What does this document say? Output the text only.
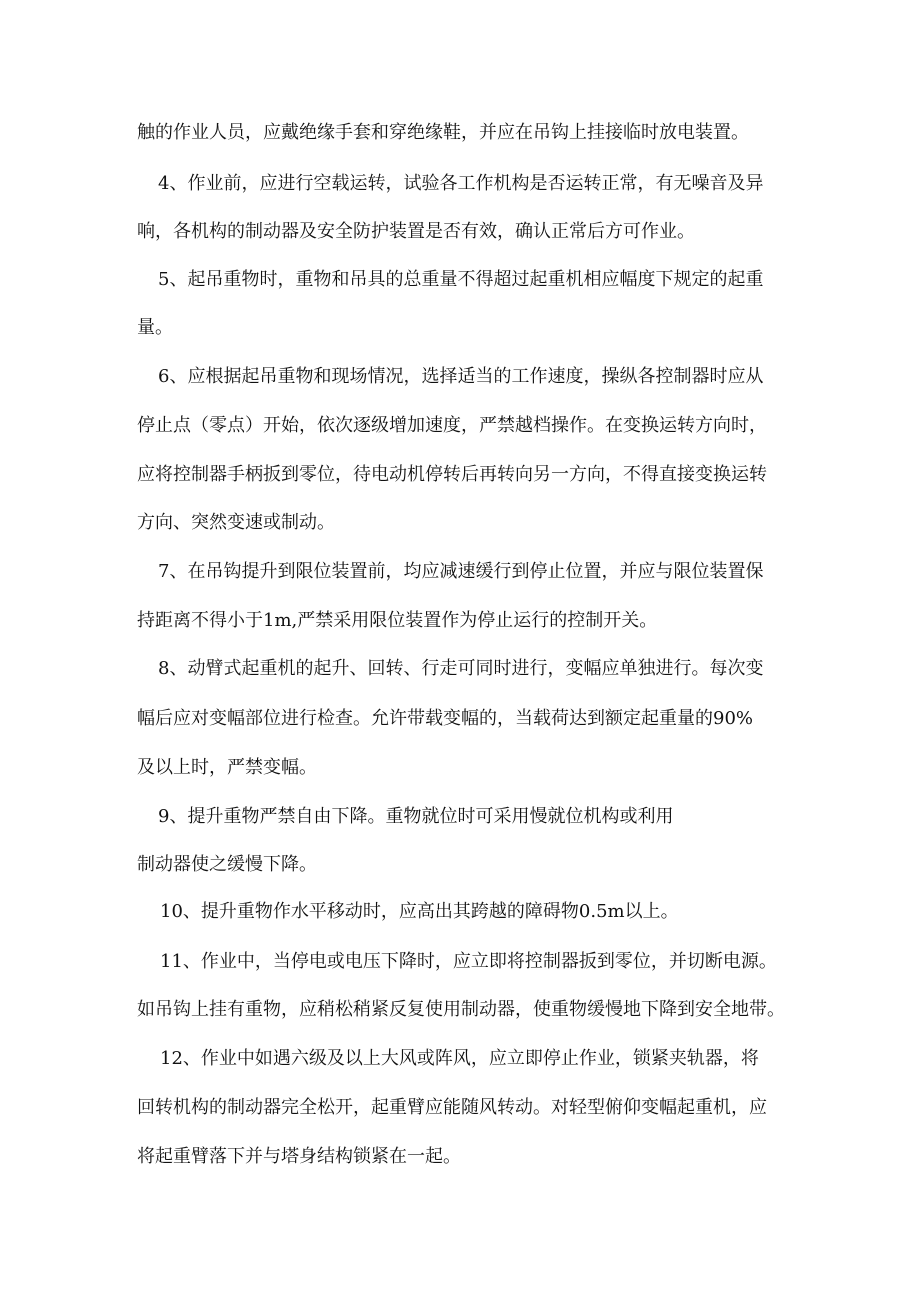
触的作业人员，应戴绝缘手套和穿绝缘鞋，并应在吊钩上挂接临时放电装置。
4、作业前，应进行空载运转，试验各工作机构是否运转正常，有无噪音及异
响，各机构的制动器及安全防护装置是否有效，确认正常后方可作业。
5、起吊重物时，重物和吊具的总重量不得超过起重机相应幅度下规定的起重
量。
6、应根据起吊重物和现场情况，选择适当的工作速度，操纵各控制器时应从
停止点（零点）开始，依次逐级增加速度，严禁越档操作。在变换运转方向时，
应将控制器手柄扳到零位，待电动机停转后再转向另一方向，不得直接变换运转
方向、突然变速或制动。
7、在吊钩提升到限位装置前，均应减速缓行到停止位置，并应与限位装置保
持距离不得小于1m,严禁采用限位装置作为停止运行的控制开关。
8、动臂式起重机的起升、回转、行走可同时进行，变幅应单独进行。每次变
幅后应对变幅部位进行检查。允许带载变幅的，当载荷达到额定起重量的90%
及以上时，严禁变幅。
9、提升重物严禁自由下降。重物就位时可采用慢就位机构或利用
制动器使之缓慢下降。
10、提升重物作水平移动时，应高出其跨越的障碍物0.5m以上。
11、作业中，当停电或电压下降时，应立即将控制器扳到零位，并切断电源。
如吊钩上挂有重物，应稍松稍紧反复使用制动器，使重物缓慢地下降到安全地带。
12、作业中如遇六级及以上大风或阵风，应立即停止作业，锁紧夹轨器，将
回转机构的制动器完全松开，起重臂应能随风转动。对轻型俯仰变幅起重机，应
将起重臂落下并与塔身结构锁紧在一起。
